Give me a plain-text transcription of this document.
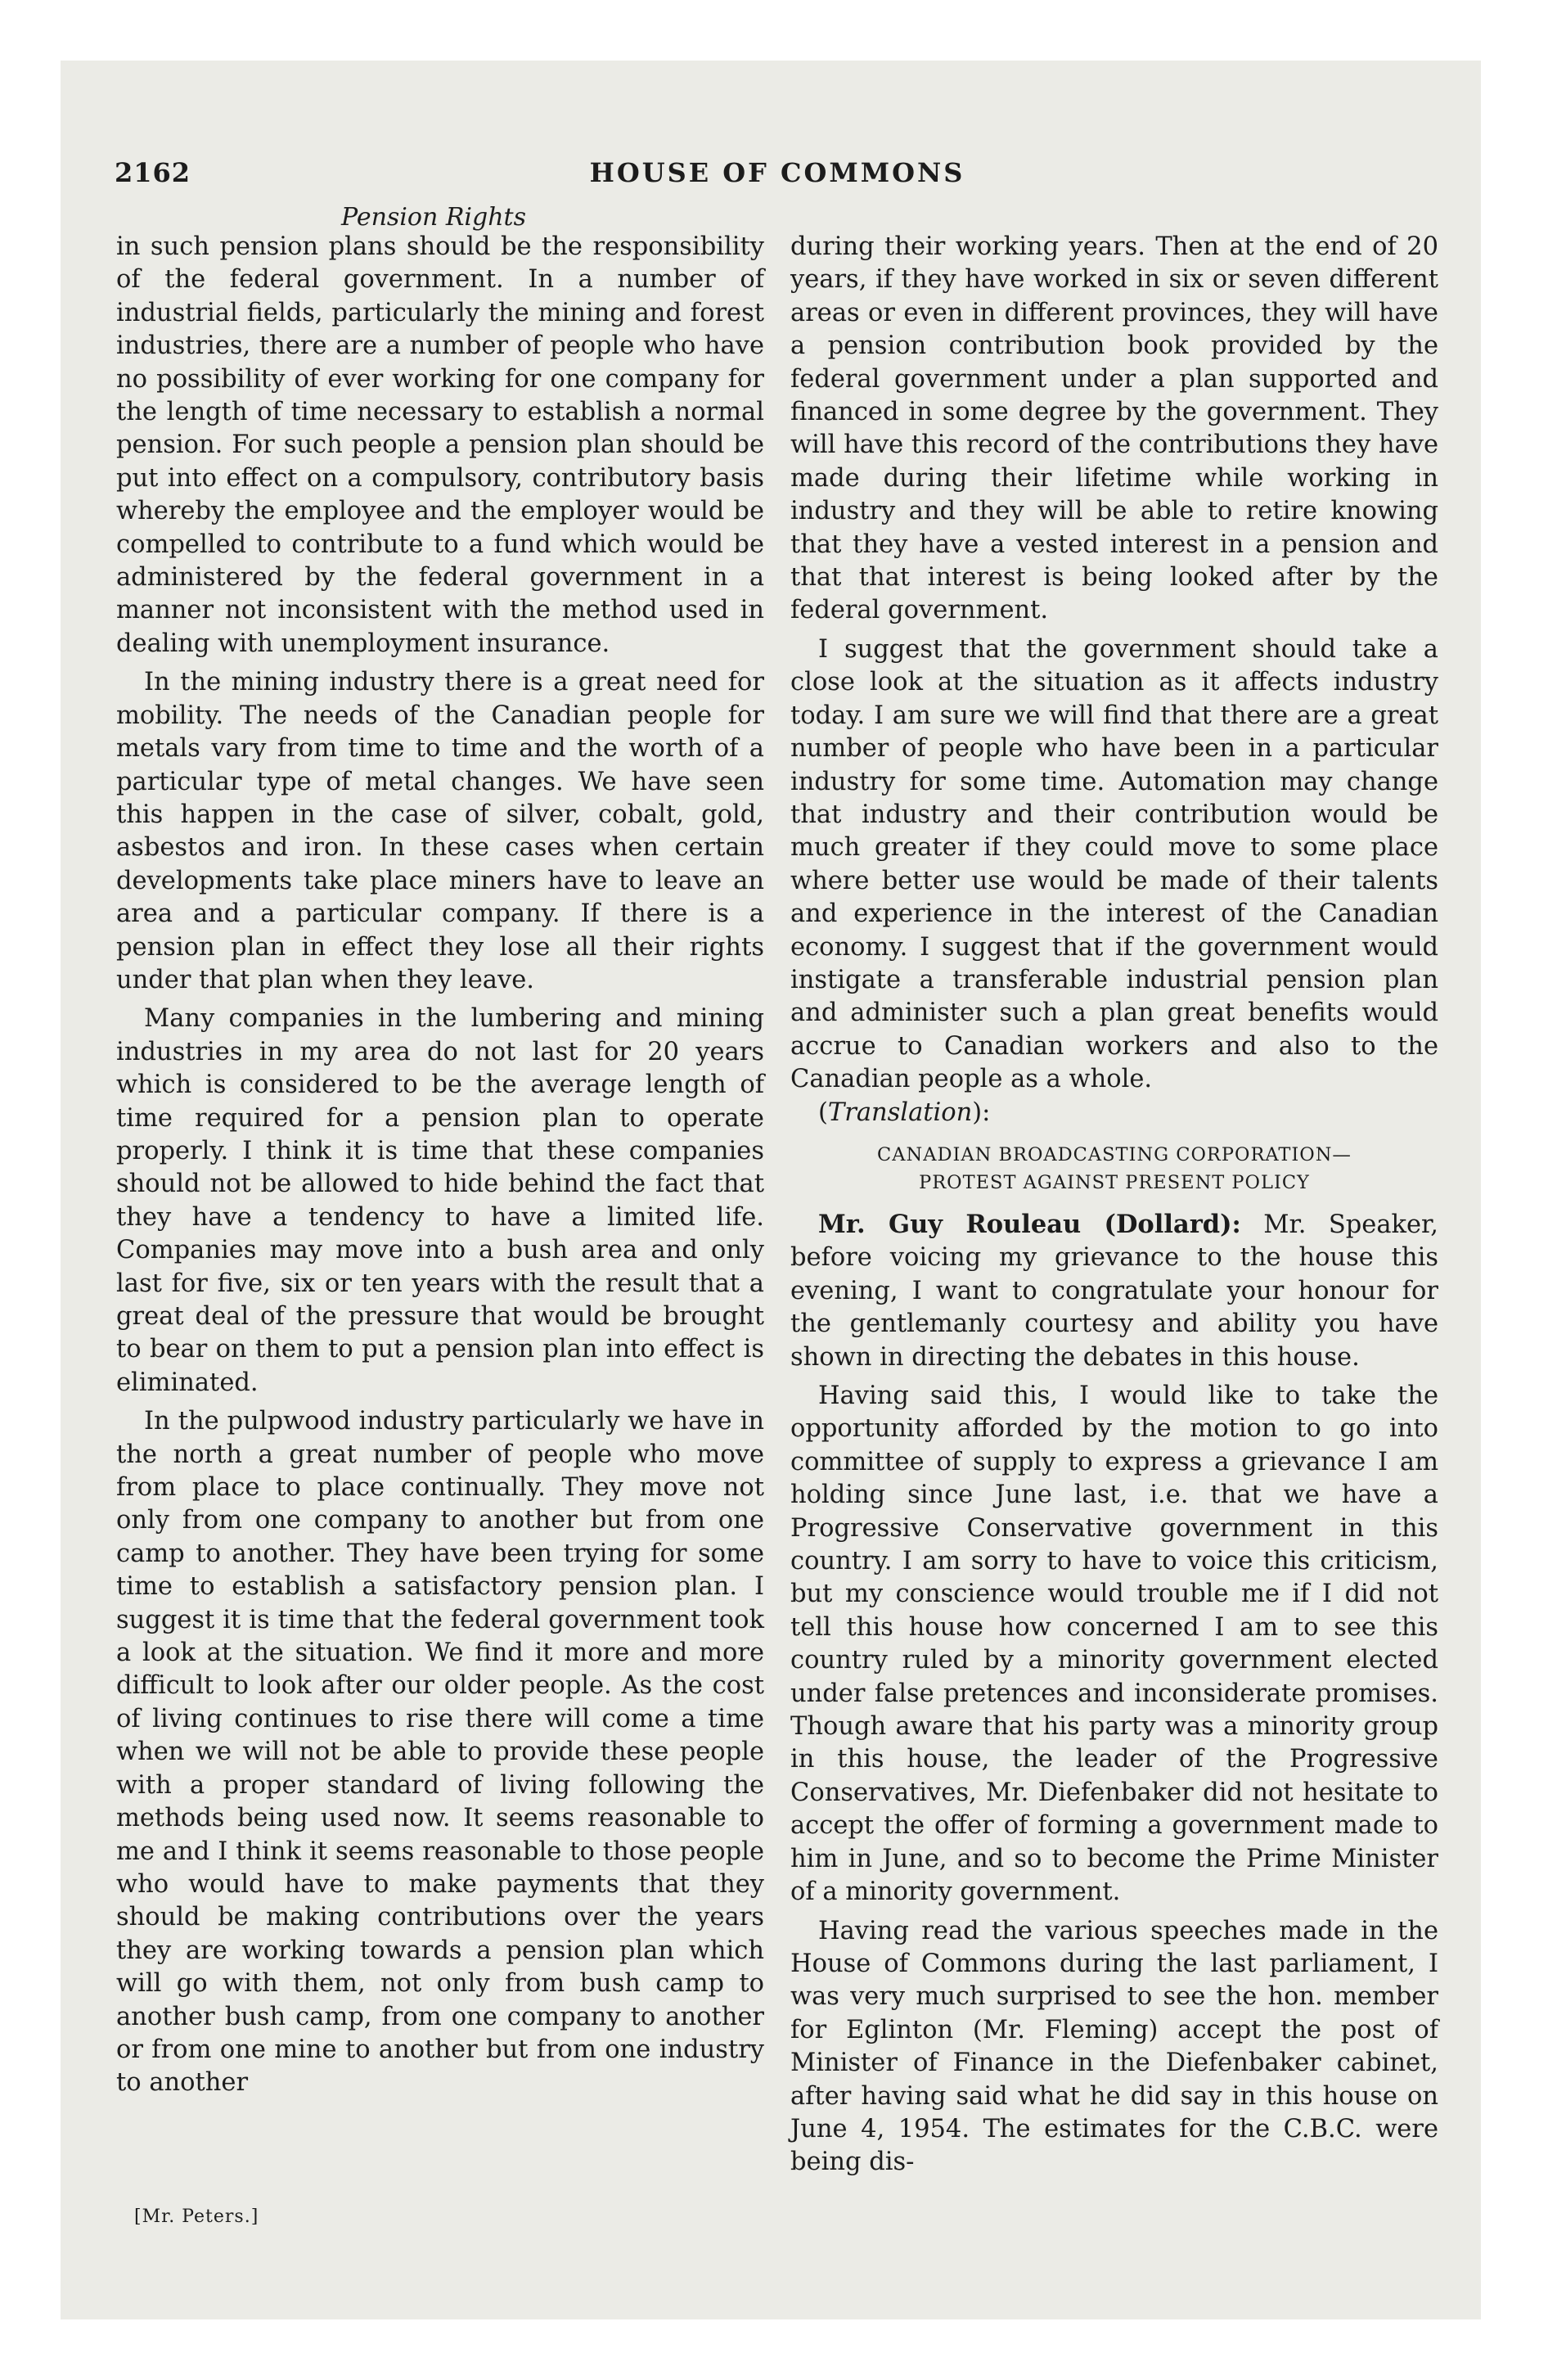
2162	HOUSE OF COMMONS
Pension Rights

in such pension plans should be the responsibility of the federal government. In a number of industrial fields, particularly the mining and forest industries, there are a number of people who have no possibility of ever working for one company for the length of time necessary to establish a normal pension. For such people a pension plan should be put into effect on a compulsory, contributory basis whereby the employee and the employer would be compelled to contribute to a fund which would be administered by the federal government in a manner not inconsistent with the method used in dealing with unemployment insurance.

In the mining industry there is a great need for mobility. The needs of the Canadian people for metals vary from time to time and the worth of a particular type of metal changes. We have seen this happen in the case of silver, cobalt, gold, asbestos and iron. In these cases when certain developments take place miners have to leave an area and a particular company. If there is a pension plan in effect they lose all their rights under that plan when they leave.

Many companies in the lumbering and mining industries in my area do not last for 20 years which is considered to be the average length of time required for a pension plan to operate properly. I think it is time that these companies should not be allowed to hide behind the fact that they have a tendency to have a limited life. Companies may move into a bush area and only last for five, six or ten years with the result that a great deal of the pressure that would be brought to bear on them to put a pension plan into effect is eliminated.

In the pulpwood industry particularly we have in the north a great number of people who move from place to place continually. They move not only from one company to another but from one camp to another. They have been trying for some time to establish a satisfactory pension plan. I suggest it is time that the federal government took a look at the situation. We find it more and more difficult to look after our older people. As the cost of living continues to rise there will come a time when we will not be able to provide these people with a proper standard of living following the methods being used now. It seems reasonable to me and I think it seems reasonable to those people who would have to make payments that they should be making contributions over the years they are working towards a pension plan which will go with them, not only from bush camp to another bush camp, from one company to another or from one mine to another but from one industry to another

during their working years. Then at the end of 20 years, if they have worked in six or seven different areas or even in different provinces, they will have a pension contribution book provided by the federal government under a plan supported and financed in some degree by the government. They will have this record of the contributions they have made during their lifetime while working in industry and they will be able to retire knowing that they have a vested interest in a pension and that that interest is being looked after by the federal government.

I suggest that the government should take a close look at the situation as it affects industry today. I am sure we will find that there are a great number of people who have been in a particular industry for some time. Automation may change that industry and their contribution would be much greater if they could move to some place where better use would be made of their talents and experience in the interest of the Canadian economy. I suggest that if the government would instigate a transferable industrial pension plan and administer such a plan great benefits would accrue to Canadian workers and also to the Canadian people as a whole.

(Translation):

CANADIAN BROADCASTING CORPORATION—
PROTEST AGAINST PRESENT POLICY

Mr. Guy Rouleau (Dollard): Mr. Speaker, before voicing my grievance to the house this evening, I want to congratulate your honour for the gentlemanly courtesy and ability you have shown in directing the debates in this house.

Having said this, I would like to take the opportunity afforded by the motion to go into committee of supply to express a grievance I am holding since June last, i.e. that we have a Progressive Conservative government in this country. I am sorry to have to voice this criticism, but my conscience would trouble me if I did not tell this house how concerned I am to see this country ruled by a minority government elected under false pretences and inconsiderate promises. Though aware that his party was a minority group in this house, the leader of the Progressive Conservatives, Mr. Diefenbaker did not hesitate to accept the offer of forming a government made to him in June, and so to become the Prime Minister of a minority government.

Having read the various speeches made in the House of Commons during the last parliament, I was very much surprised to see the hon. member for Eglinton (Mr. Fleming) accept the post of Minister of Finance in the Diefenbaker cabinet, after having said what he did say in this house on June 4, 1954. The estimates for the C.B.C. were being dis-

[Mr. Peters.]
